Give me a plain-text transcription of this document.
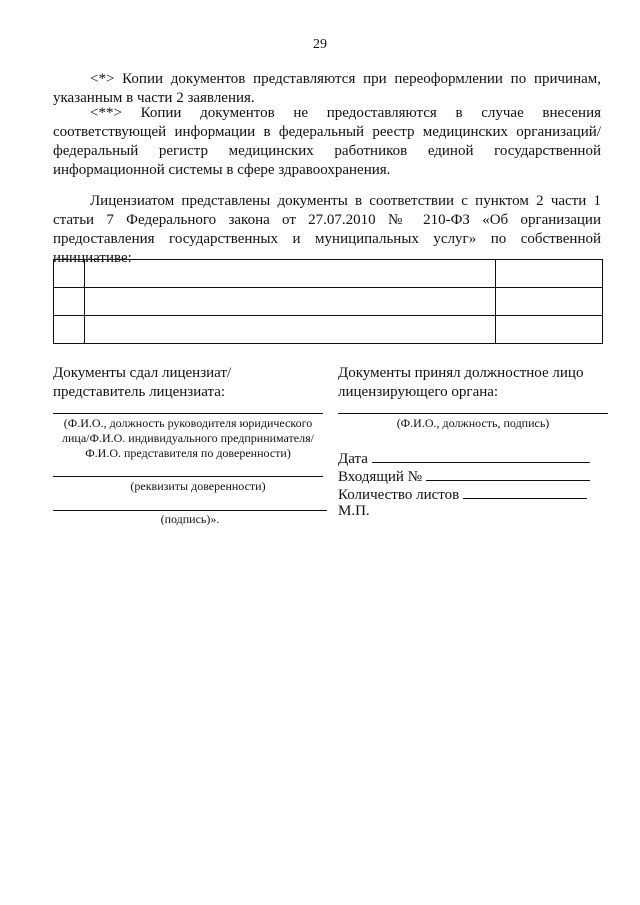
29

<*> Копии документов представляются при переоформлении по причинам, указанным в части 2 заявления.

<**> Копии документов не предоставляются в случае внесения соответствующей информации в федеральный реестр медицинских организаций/федеральный регистр медицинских работников единой государственной информационной системы в сфере здравоохранения.

Лицензиатом представлены документы в соответствии с пунктом 2 части 1 статьи 7 Федерального закона от 27.07.2010 № 210-ФЗ «Об организации предоставления государственных и муниципальных услуг» по собственной инициативе:

Документы сдал лицензиат/ представитель лицензиата:
(Ф.И.О., должность руководителя юридического лица/Ф.И.О. индивидуального предпринимателя/ Ф.И.О. представителя по доверенности)
(реквизиты доверенности)
(подпись)».
Документы принял должностное лицо лицензирующего органа:
(Ф.И.О., должность, подпись)
Дата
Входящий №
Количество листов
М.П.
